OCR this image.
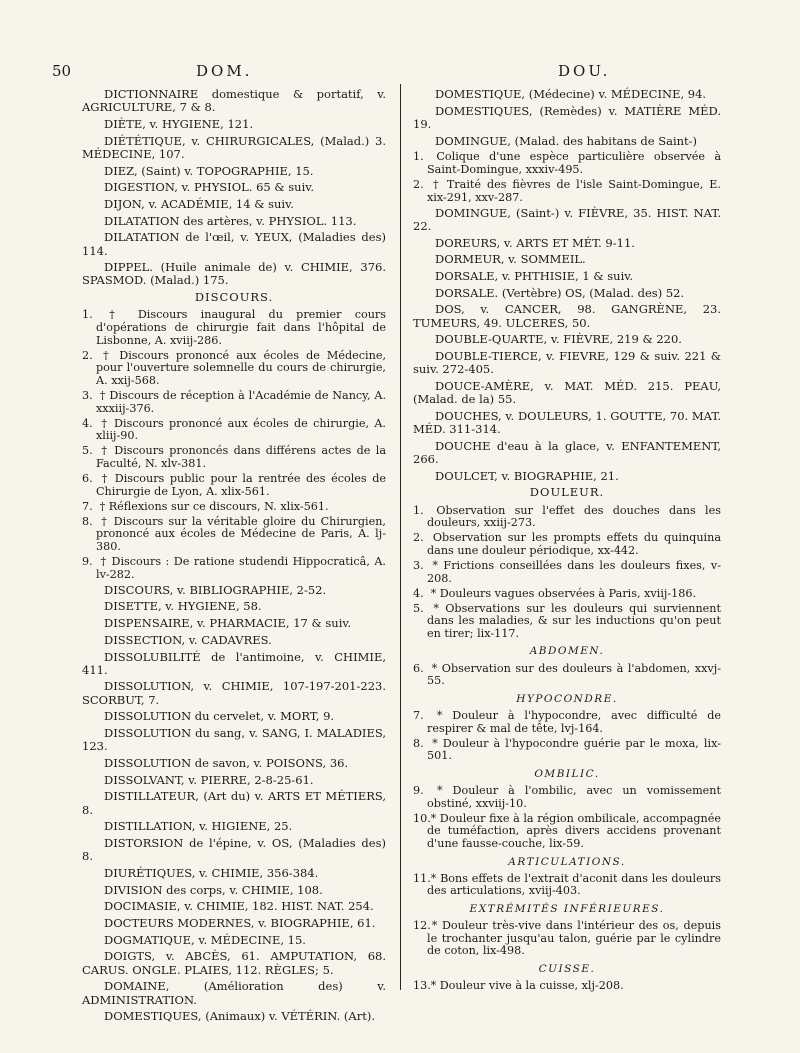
50	DOM.	DOU.
DICTIONNAIRE domestique & portatif, v. AGRICULTURE, 7 & 8.
DIÈTE, v. HYGIENE, 121.
DIÉTÉTIQUE, v. CHIRURGICALES, (Malad.) 3. MÉDECINE, 107.
DIEZ, (Saint) v. TOPOGRAPHIE, 15.
DIGESTION, v. PHYSIOL. 65 & suiv.
DIJON, v. ACADÉMIE, 14 & suiv.
DILATATION des artères, v. PHYSIOL. 113.
DILATATION de l'œil, v. YEUX, (Maladies des) 114.
DIPPEL. (Huile animale de) v. CHIMIE, 376. SPASMOD. (Malad.) 175.
DISCOURS.
1. † Discours inaugural du premier cours d'opérations de chirurgie fait dans l'hôpital de Lisbonne, A. xviij-286.
2. † Discours prononcé aux écoles de Médecine, pour l'ouverture solemnelle du cours de chirurgie, A. xxij-568.
3. † Discours de réception à l'Académie de Nancy, A. xxxiij-376.
4. † Discours prononcé aux écoles de chirurgie, A. xliij-90.
5. † Discours prononcés dans différens actes de la Faculté, N. xlv-381.
6. † Discours public pour la rentrée des écoles de Chirurgie de Lyon, A. xlix-561.
7. † Réflexions sur ce discours, N. xlix-561.
8. † Discours sur la véritable gloire du Chirurgien, prononcé aux écoles de Médecine de Paris, A. lj-380.
9. † Discours : De ratione studendi Hippocraticâ, A. lv-282.
DISCOURS, v. BIBLIOGRAPHIE, 2-52.
DISETTE, v. HYGIENE, 58.
DISPENSAIRE, v. PHARMACIE, 17 & suiv.
DISSECTION, v. CADAVRES.
DISSOLUBILITÉ de l'antimoine, v. CHIMIE, 411.
DISSOLUTION, v. CHIMIE, 107-197-201-223. SCORBUT, 7.
DISSOLUTION du cervelet, v. MORT, 9.
DISSOLUTION du sang, v. SANG, I. MALADIES, 123.
DISSOLUTION de savon, v. POISONS, 36.
DISSOLVANT, v. PIERRE, 2-8-25-61.
DISTILLATEUR, (Art du) v. ARTS ET MÉTIERS, 8.
DISTILLATION, v. HIGIENE, 25.
DISTORSION de l'épine, v. OS, (Maladies des) 8.
DIURÉTIQUES, v. CHIMIE, 356-384.
DIVISION des corps, v. CHIMIE, 108.
DOCIMASIE, v. CHIMIE, 182. HIST. NAT. 254.
DOCTEURS MODERNES, v. BIOGRAPHIE, 61.
DOGMATIQUE, v. MÉDECINE, 15.
DOIGTS, v. ABCÈS, 61. AMPUTATION, 68. CARUS. ONGLE. PLAIES, 112. RÈGLES; 5.
DOMAINE, (Amélioration des) v. ADMINISTRATION.
DOMESTIQUES, (Animaux) v. VÉTÉRIN. (Art).
DOMESTIQUE, (Médecine) v. MÉDECINE, 94.
DOMESTIQUES, (Remèdes) v. MATIÈRE MÉD. 19.
DOMINGUE, (Malad. des habitans de Saint-)
1. Colique d'une espèce particulière observée à Saint-Domingue, xxxiv-495.
2. † Traité des fièvres de l'isle Saint-Domingue, E. xix-291, xxv-287.
DOMINGUE, (Saint-) v. FIÈVRE, 35. HIST. NAT. 22.
DOREURS, v. ARTS ET MÉT. 9-11.
DORMEUR, v. SOMMEIL.
DORSALE, v. PHTHISIE, 1 & suiv.
DORSALE. (Vertèbre) OS, (Malad. des) 52.
DOS, v. CANCER, 98. GANGRÈNE, 23. TUMEURS, 49. ULCERES, 50.
DOUBLE-QUARTE, v. FIÈVRE, 219 & 220.
DOUBLE-TIERCE, v. FIEVRE, 129 & suiv. 221 & suiv. 272-405.
DOUCE-AMÈRE, v. MAT. MÉD. 215. PEAU, (Malad. de la) 55.
DOUCHES, v. DOULEURS, 1. GOUTTE, 70. MAT. MÉD. 311-314.
DOUCHE d'eau à la glace, v. ENFANTEMENT, 266.
DOULCET, v. BIOGRAPHIE, 21.
DOULEUR.
1. Observation sur l'effet des douches dans les douleurs, xxiij-273.
2. Observation sur les prompts effets du quinquina dans une douleur périodique, xx-442.
3. * Frictions conseillées dans les douleurs fixes, v-208.
4. * Douleurs vagues observées à Paris, xviij-186.
5. * Observations sur les douleurs qui surviennent dans les maladies, & sur les inductions qu'on peut en tirer; lix-117.
ABDOMEN.
6. * Observation sur des douleurs à l'abdomen, xxvj-55.
HYPOCONDRE.
7. * Douleur à l'hypocondre, avec difficulté de respirer & mal de tête, lvj-164.
8. * Douleur à l'hypocondre guérie par le moxa, lix-501.
OMBILIC.
9. * Douleur à l'ombilic, avec un vomissement obstiné, xxviij-10.
10. * Douleur fixe à la région ombilicale, accompagnée de tuméfaction, après divers accidens provenant d'une fausse-couche, lix-59.
ARTICULATIONS.
11. * Bons effets de l'extrait d'aconit dans les douleurs des articulations, xviij-403.
EXTRÉMITÉS INFÉRIEURES.
12. * Douleur très-vive dans l'intérieur des os, depuis le trochanter jusqu'au talon, guérie par le cylindre de coton, lix-498.
CUISSE.
13. * Douleur vive à la cuisse, xlj-208.
